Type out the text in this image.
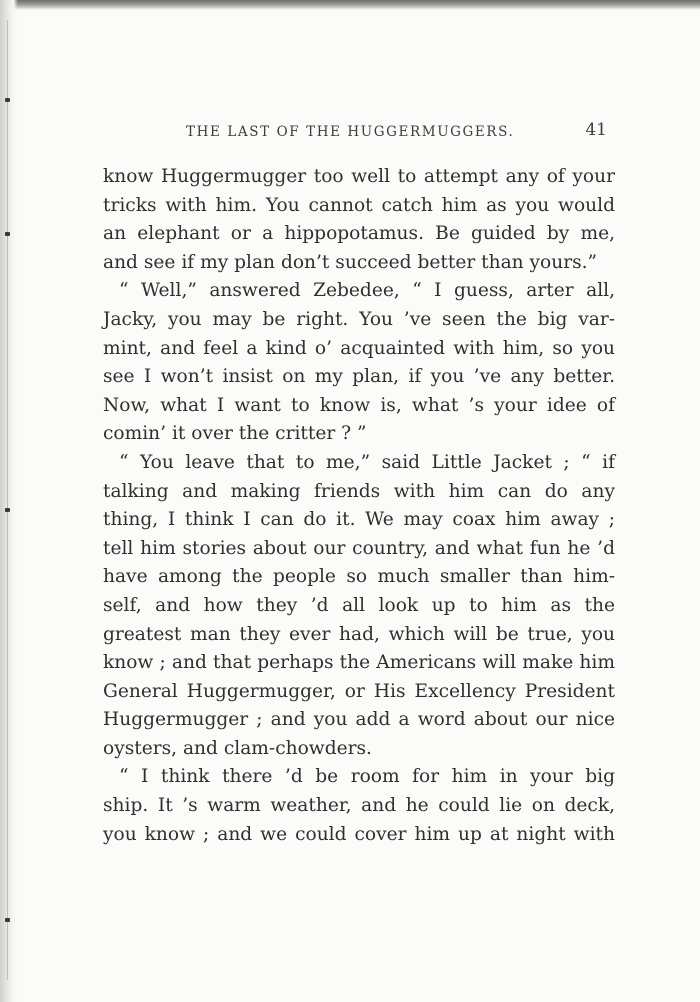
THE LAST OF THE HUGGERMUGGERS.	41
know Huggermugger too well to attempt any of your
tricks with him. You cannot catch him as you would
an elephant or a hippopotamus. Be guided by me,
and see if my plan don’t succeed better than yours.”
“ Well,” answered Zebedee, “ I guess, arter all,
Jacky, you may be right. You ’ve seen the big var-
mint, and feel a kind o’ acquainted with him, so you
see I won’t insist on my plan, if you ’ve any better.
Now, what I want to know is, what ’s your idee of
comin’ it over the critter ? ”
“ You leave that to me,” said Little Jacket ; “ if
talking and making friends with him can do any
thing, I think I can do it. We may coax him away ;
tell him stories about our country, and what fun he ’d
have among the people so much smaller than him-
self, and how they ’d all look up to him as the
greatest man they ever had, which will be true, you
know ; and that perhaps the Americans will make him
General Huggermugger, or His Excellency President
Huggermugger ; and you add a word about our nice
oysters, and clam-chowders.
“ I think there ’d be room for him in your big
ship. It ’s warm weather, and he could lie on deck,
you know ; and we could cover him up at night with
